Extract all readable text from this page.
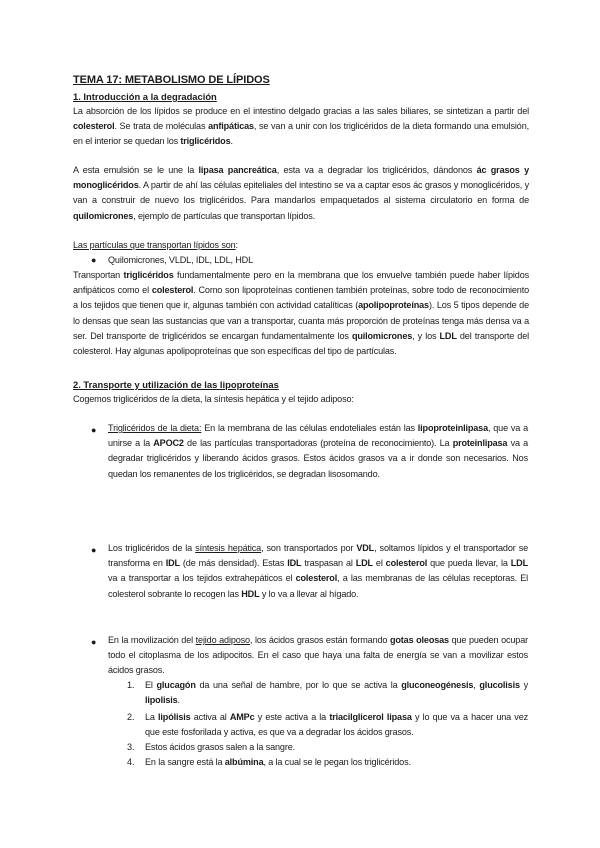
TEMA 17: METABOLISMO DE LÍPIDOS
1. Introducción a la degradación

La absorción de los lípidos se produce en el intestino delgado gracias a las sales biliares, se sintetizan a partir del colesterol. Se trata de moléculas anfipáticas, se van a unir con los triglicéridos de la dieta formando una emulsión, en el interior se quedan los triglicéridos.

A esta emulsión se le une la lipasa pancreática, esta va a degradar los triglicéridos, dándonos ác grasos y monoglicéridos. A partir de ahí las células epiteliales del intestino se va a captar esos ác grasos y monoglicéridos, y van a construir de nuevo los triglicéridos. Para mandarlos empaquetados al sistema circulatorio en forma de quilomicrones, ejemplo de partículas que transportan lípidos.

Las partículas que transportan lípidos son:
● Quilomicrones, VLDL, IDL, LDL, HDL

Transportan triglicéridos fundamentalmente pero en la membrana que los envuelve también puede haber lípidos anfipáticos como el colesterol. Como son lipoproteínas contienen también proteínas, sobre todo de reconocimiento a los tejidos que tienen que ir, algunas también con actividad catalíticas (apolipoproteínas). Los 5 tipos depende de lo densas que sean las sustancias que van a transportar, cuanta más proporción de proteínas tenga más densa va a ser. Del transporte de triglicéridos se encargan fundamentalmente los quilomicrones, y los LDL del transporte del colesterol. Hay algunas apolipoproteínas que son específicas del tipo de partículas.

2. Transporte y utilización de las lipoproteínas
Cogemos triglicéridos de la dieta, la síntesis hepática y el tejido adiposo:
● Triglicéridos de la dieta: En la membrana de las células endoteliales están las lipoproteinlipasa, que va a unirse a la APOC2 de las partículas transportadoras (proteína de reconocimiento). La proteinlipasa va a degradar triglicéridos y liberando ácidos grasos. Estos ácidos grasos va a ir donde son necesarios. Nos quedan los remanentes de los triglicéridos, se degradan lisosomando.

● Los triglicéridos de la síntesis hepática, son transportados por VDL, soltamos lípidos y el transportador se transforma en IDL (de más densidad). Estas IDL traspasan al LDL el colesterol que pueda llevar, la LDL va a transportar a los tejidos extrahepáticos el colesterol, a las membranas de las células receptoras. El colesterol sobrante lo recogen las HDL y lo va a llevar al hígado.

● En la movilización del tejido adiposo, los ácidos grasos están formando gotas oleosas que pueden ocupar todo el citoplasma de los adipocitos. En el caso que haya una falta de energía se van a movilizar estos ácidos grasos.

1. El glucagón da una señal de hambre, por lo que se activa la gluconeogénesis, glucolisis y lipolisis.

2. La lipólisis activa al AMPc y este activa a la triacilglicerol lipasa y lo que va a hacer una vez que este fosforilada y activa, es que va a degradar los ácidos grasos.

3. Estos ácidos grasos salen a la sangre.

4. En la sangre está la albúmina, a la cual se le pegan los triglicéridos.
